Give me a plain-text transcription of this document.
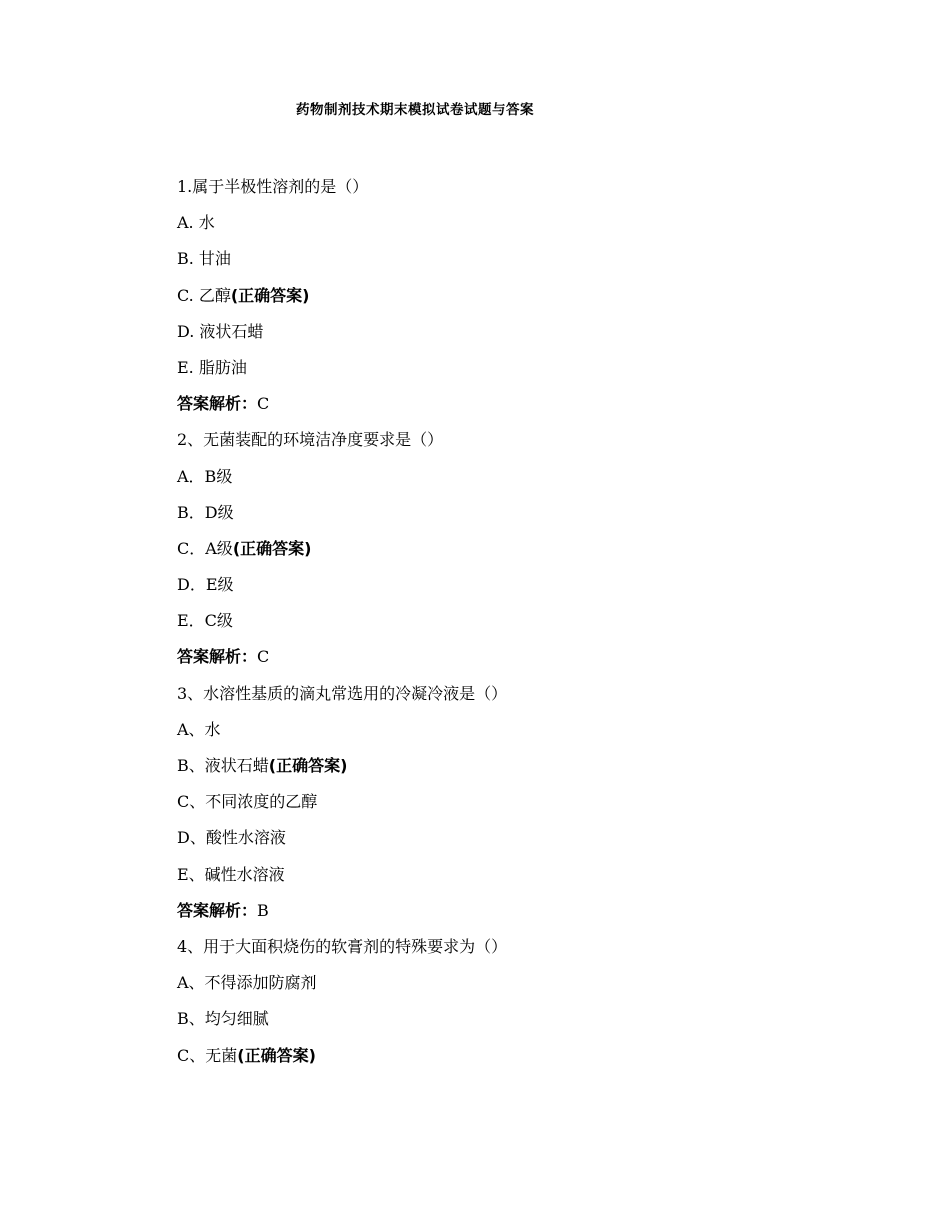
药物制剂技术期末模拟试卷试题与答案
1.属于半极性溶剂的是（）
A. 水
B. 甘油
C. 乙醇(正确答案)
D. 液状石蜡
E. 脂肪油
答案解析：C
2、无菌装配的环境洁净度要求是（）
A．B级
B．D级
C．A级(正确答案)
D．E级
E．C级
答案解析：C
3、水溶性基质的滴丸常选用的冷凝冷液是（）
A、水
B、液状石蜡(正确答案)
C、不同浓度的乙醇
D、酸性水溶液
E、碱性水溶液
答案解析：B
4、用于大面积烧伤的软膏剂的特殊要求为（）
A、不得添加防腐剂
B、均匀细腻
C、无菌(正确答案)
